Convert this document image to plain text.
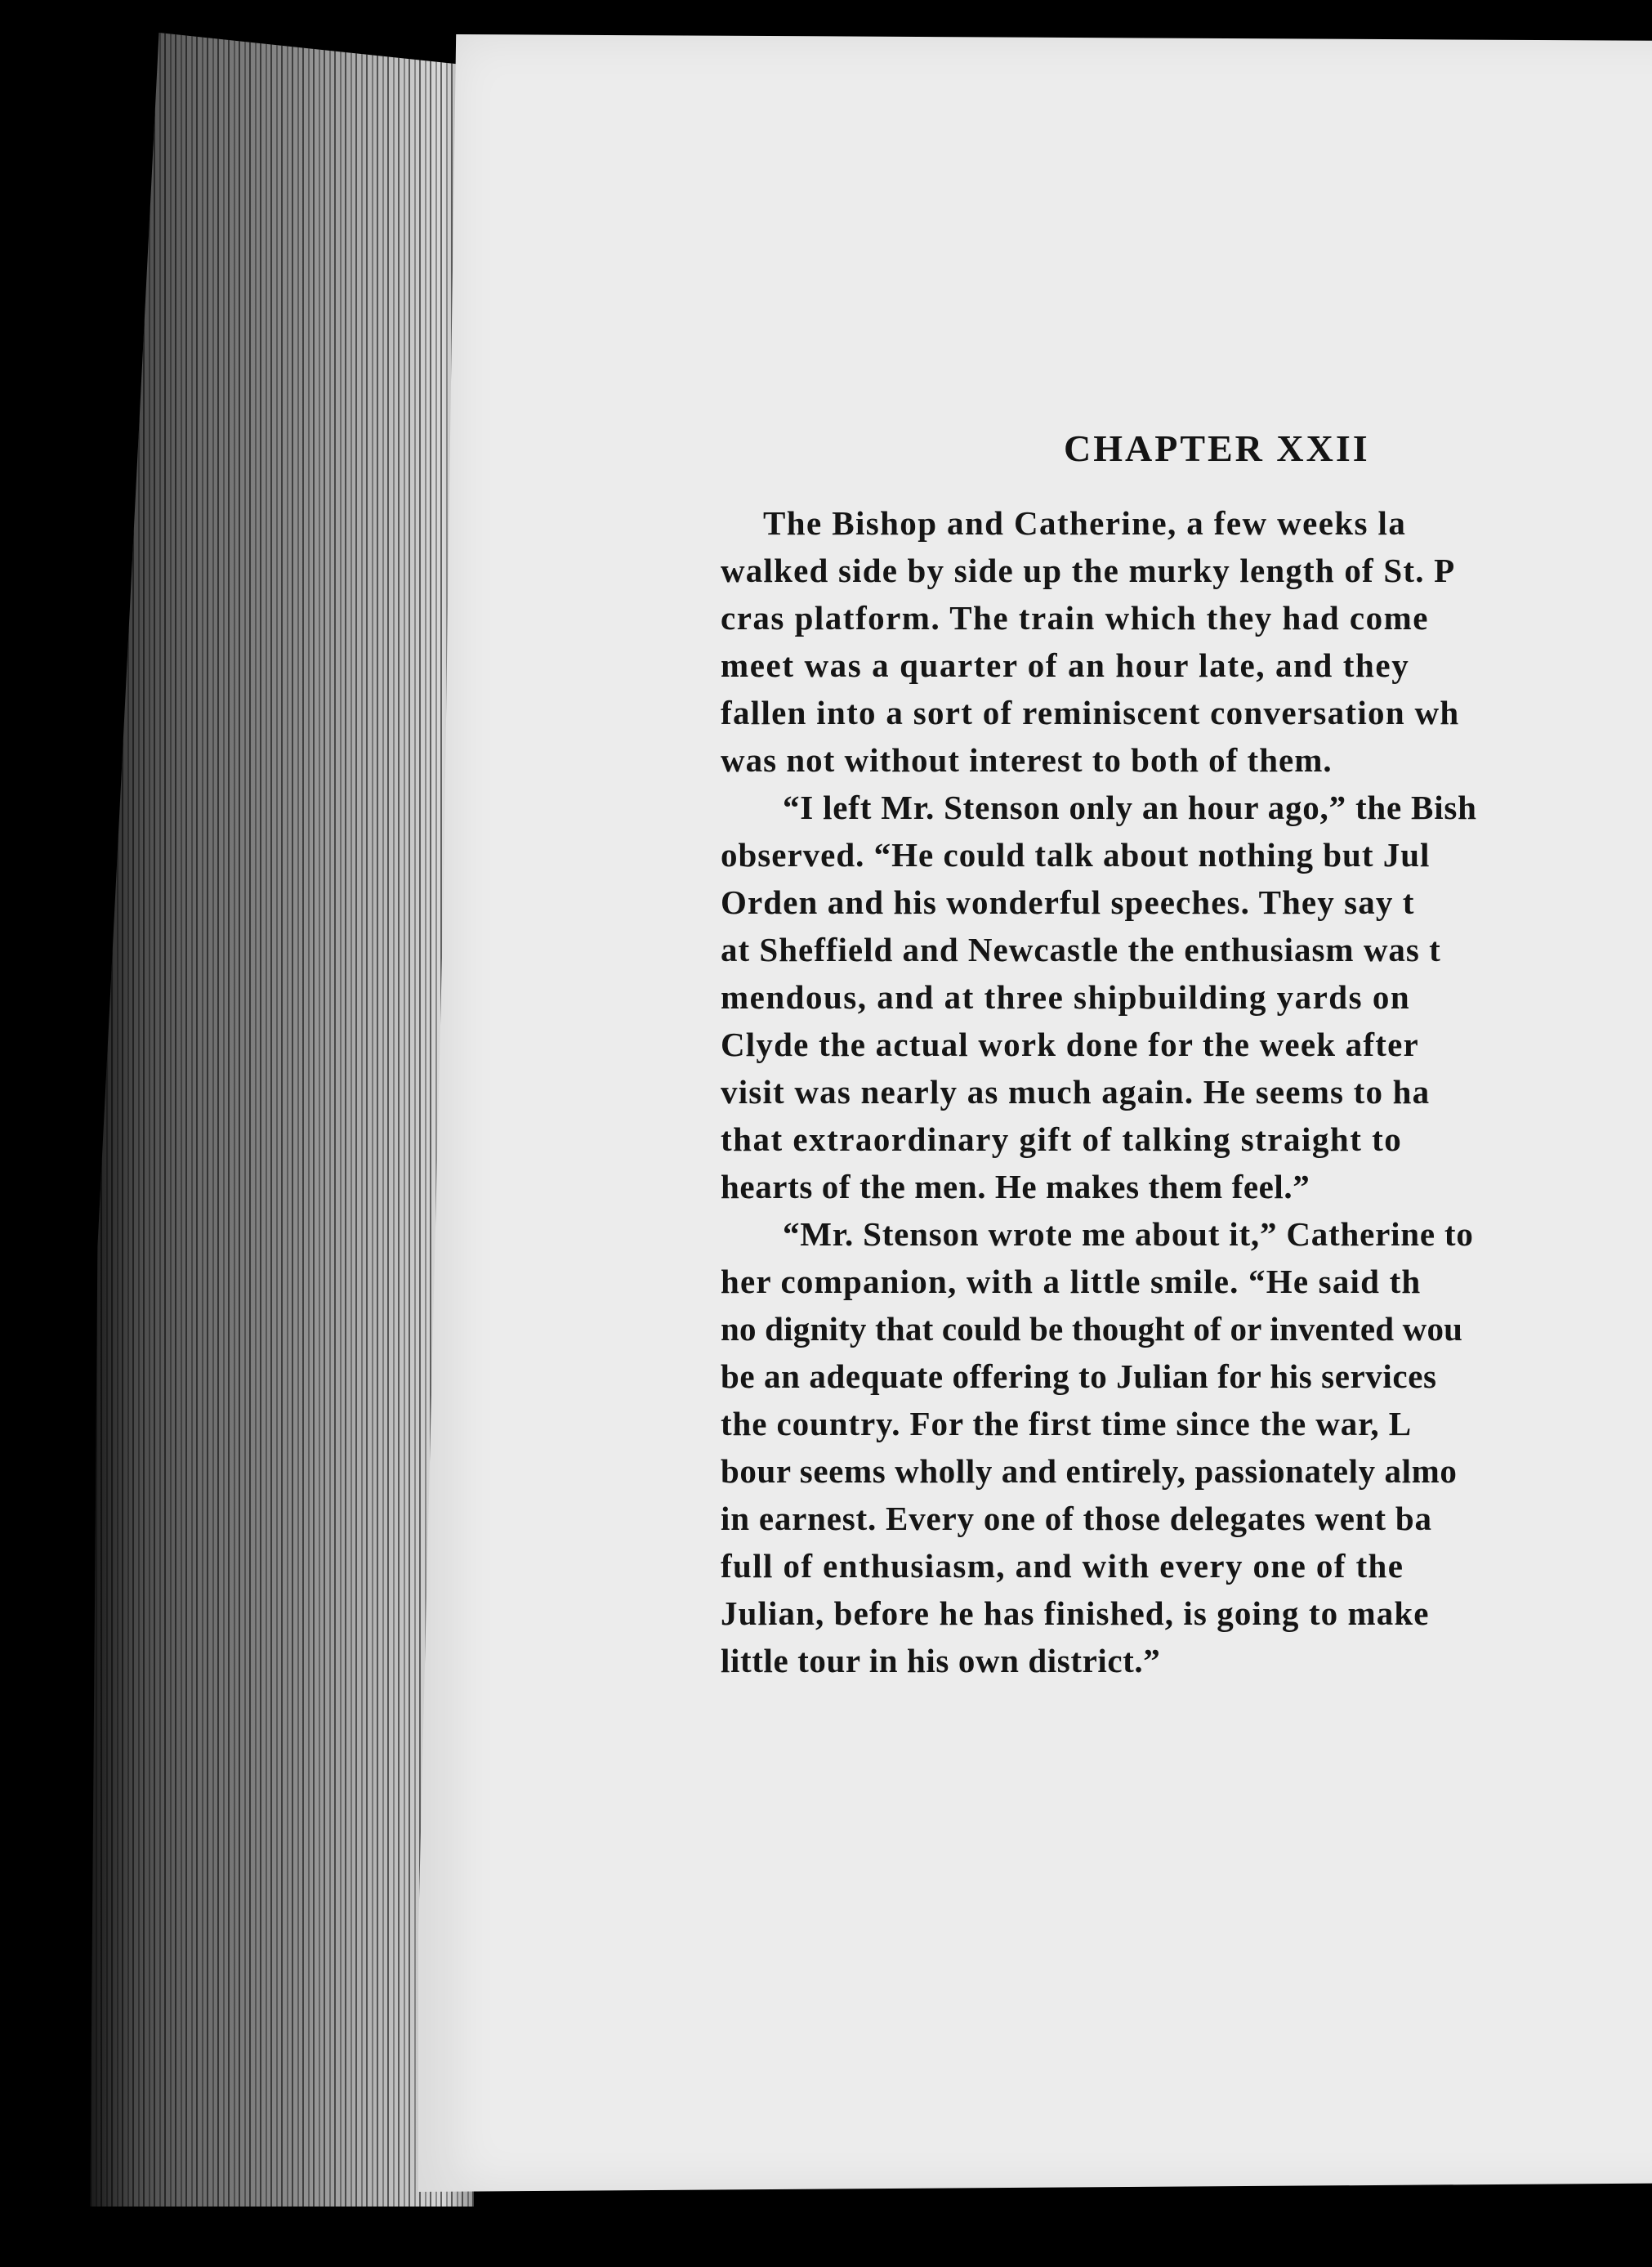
CHAPTER XXII
The Bishop and Catherine, a few weeks la
walked side by side up the murky length of St. P
cras platform. The train which they had come
meet was a quarter of an hour late, and they
fallen into a sort of reminiscent conversation wh
was not without interest to both of them.
“I left Mr. Stenson only an hour ago,” the Bish
observed. “He could talk about nothing but Jul
Orden and his wonderful speeches. They say t
at Sheffield and Newcastle the enthusiasm was t
mendous, and at three shipbuilding yards on
Clyde the actual work done for the week after
visit was nearly as much again. He seems to ha
that extraordinary gift of talking straight to
hearts of the men. He makes them feel.”
“Mr. Stenson wrote me about it,” Catherine to
her companion, with a little smile. “He said th
no dignity that could be thought of or invented wou
be an adequate offering to Julian for his services
the country. For the first time since the war, L
bour seems wholly and entirely, passionately almo
in earnest. Every one of those delegates went ba
full of enthusiasm, and with every one of the
Julian, before he has finished, is going to make
little tour in his own district.”
